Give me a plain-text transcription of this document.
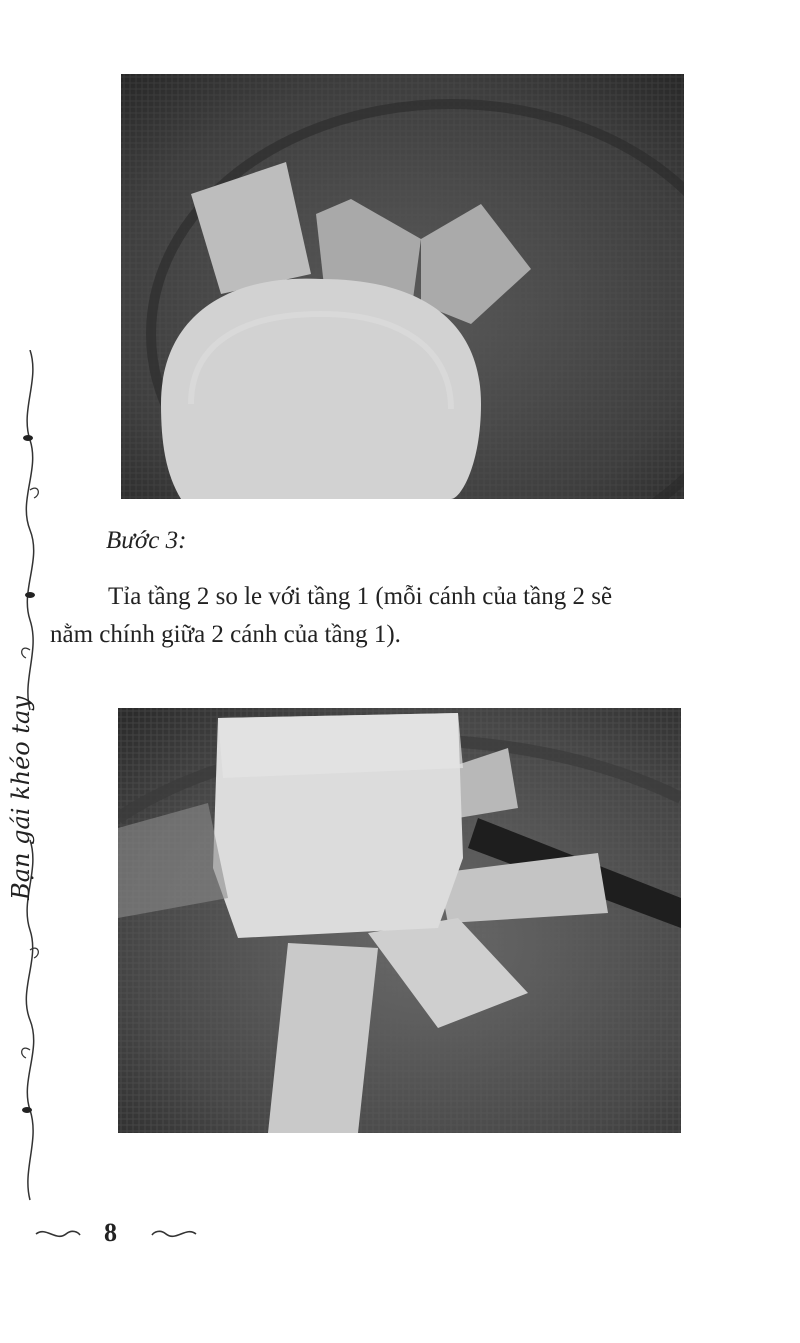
Bước 3:
Tỉa tầng 2 so le với tầng 1 (mỗi cánh của tầng 2 sẽ
nằm chính giữa 2 cánh của tầng 1).
Bạn gái khéo tay
8
